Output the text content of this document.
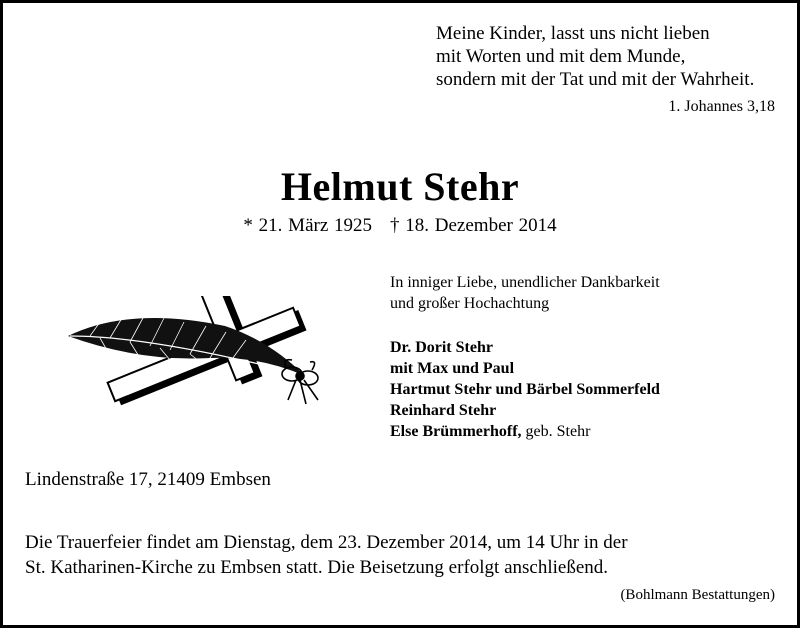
Meine Kinder, lasst uns nicht lieben
mit Worten und mit dem Munde,
sondern mit der Tat und mit der Wahrheit.
1. Johannes 3,18
Helmut Stehr
* 21. März 1925 † 18. Dezember 2014
In inniger Liebe, unendlicher Dankbarkeit
und großer Hochachtung
Dr. Dorit Stehr
mit Max und Paul
Hartmut Stehr und Bärbel Sommerfeld
Reinhard Stehr
Else Brümmerhoff, geb. Stehr
Lindenstraße 17, 21409 Embsen
Die Trauerfeier findet am Dienstag, dem 23. Dezember 2014, um 14 Uhr in der
St. Katharinen-Kirche zu Embsen statt. Die Beisetzung erfolgt anschließend.
(Bohlmann Bestattungen)
